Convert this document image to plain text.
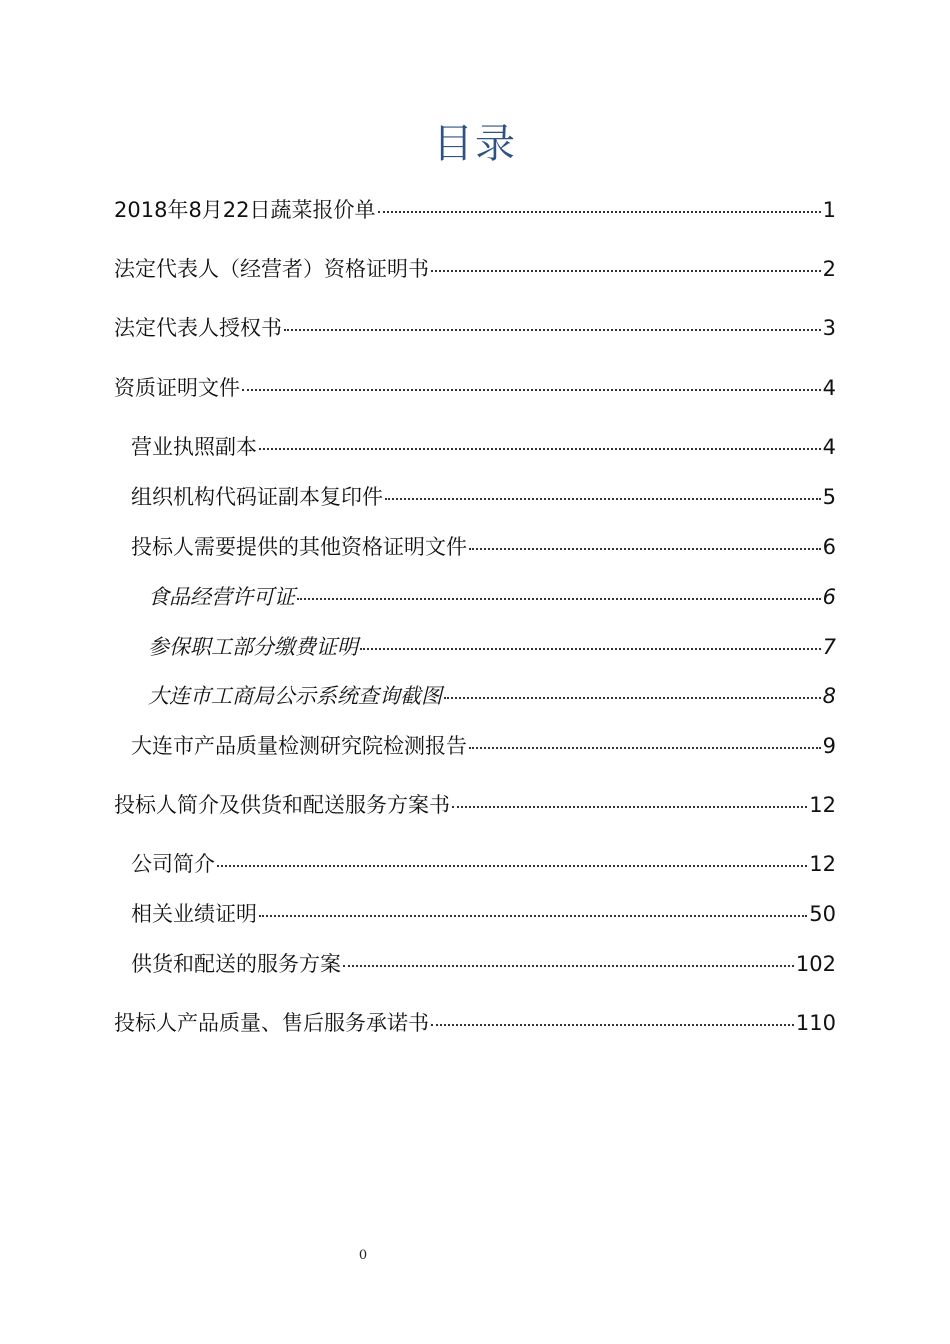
目录
2018年8月22日蔬菜报价单	1
法定代表人（经营者）资格证明书	2
法定代表人授权书	3
资质证明文件	4
营业执照副本	4
组织机构代码证副本复印件	5
投标人需要提供的其他资格证明文件	6
食品经营许可证	6
参保职工部分缴费证明	7
大连市工商局公示系统查询截图	8
大连市产品质量检测研究院检测报告	9
投标人简介及供货和配送服务方案书	12
公司简介	12
相关业绩证明	50
供货和配送的服务方案	102
投标人产品质量、售后服务承诺书	110
0
